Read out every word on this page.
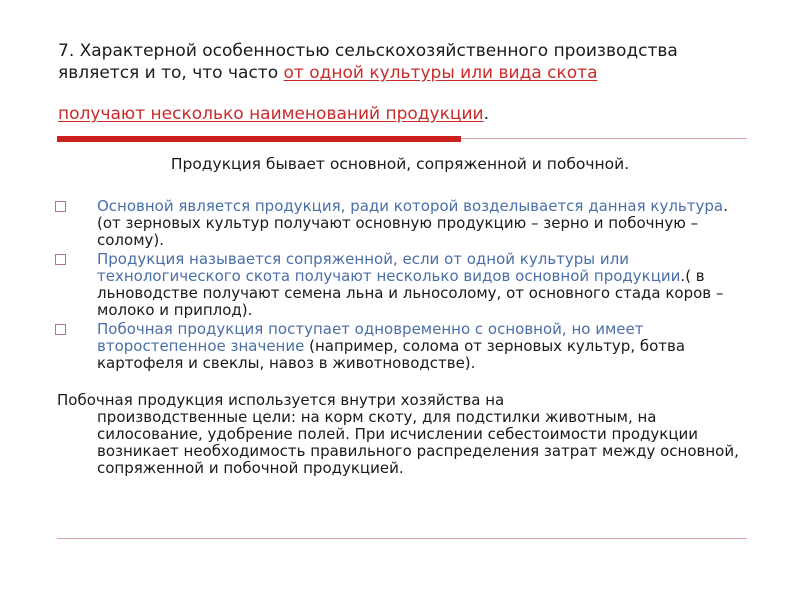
7. Характерной особенностью сельскохозяйственного производства
является и то, что часто от одной культуры или вида скота

получают несколько наименований продукции.

Продукция бывает основной, сопряженной и побочной.
Основной является продукция, ради которой возделывается данная культура. (от зерновых культур получают основную продукцию – зерно и побочную – солому).
Продукция называется сопряженной, если от одной культуры или технологического скота получают несколько видов основной продукции.( в льноводстве получают семена льна и льносолому, от основного стада коров – молоко и приплод).
Побочная продукция поступает одновременно с основной, но имеет второстепенное значение (например, солома от зерновых культур, ботва картофеля и свеклы, навоз в животноводстве).
Побочная продукция используется внутри хозяйства на
производственные цели: на корм скоту, для подстилки животным, на силосование, удобрение полей. При исчислении себестоимости продукции возникает необходимость правильного распределения затрат между основной, сопряженной и побочной продукцией.
